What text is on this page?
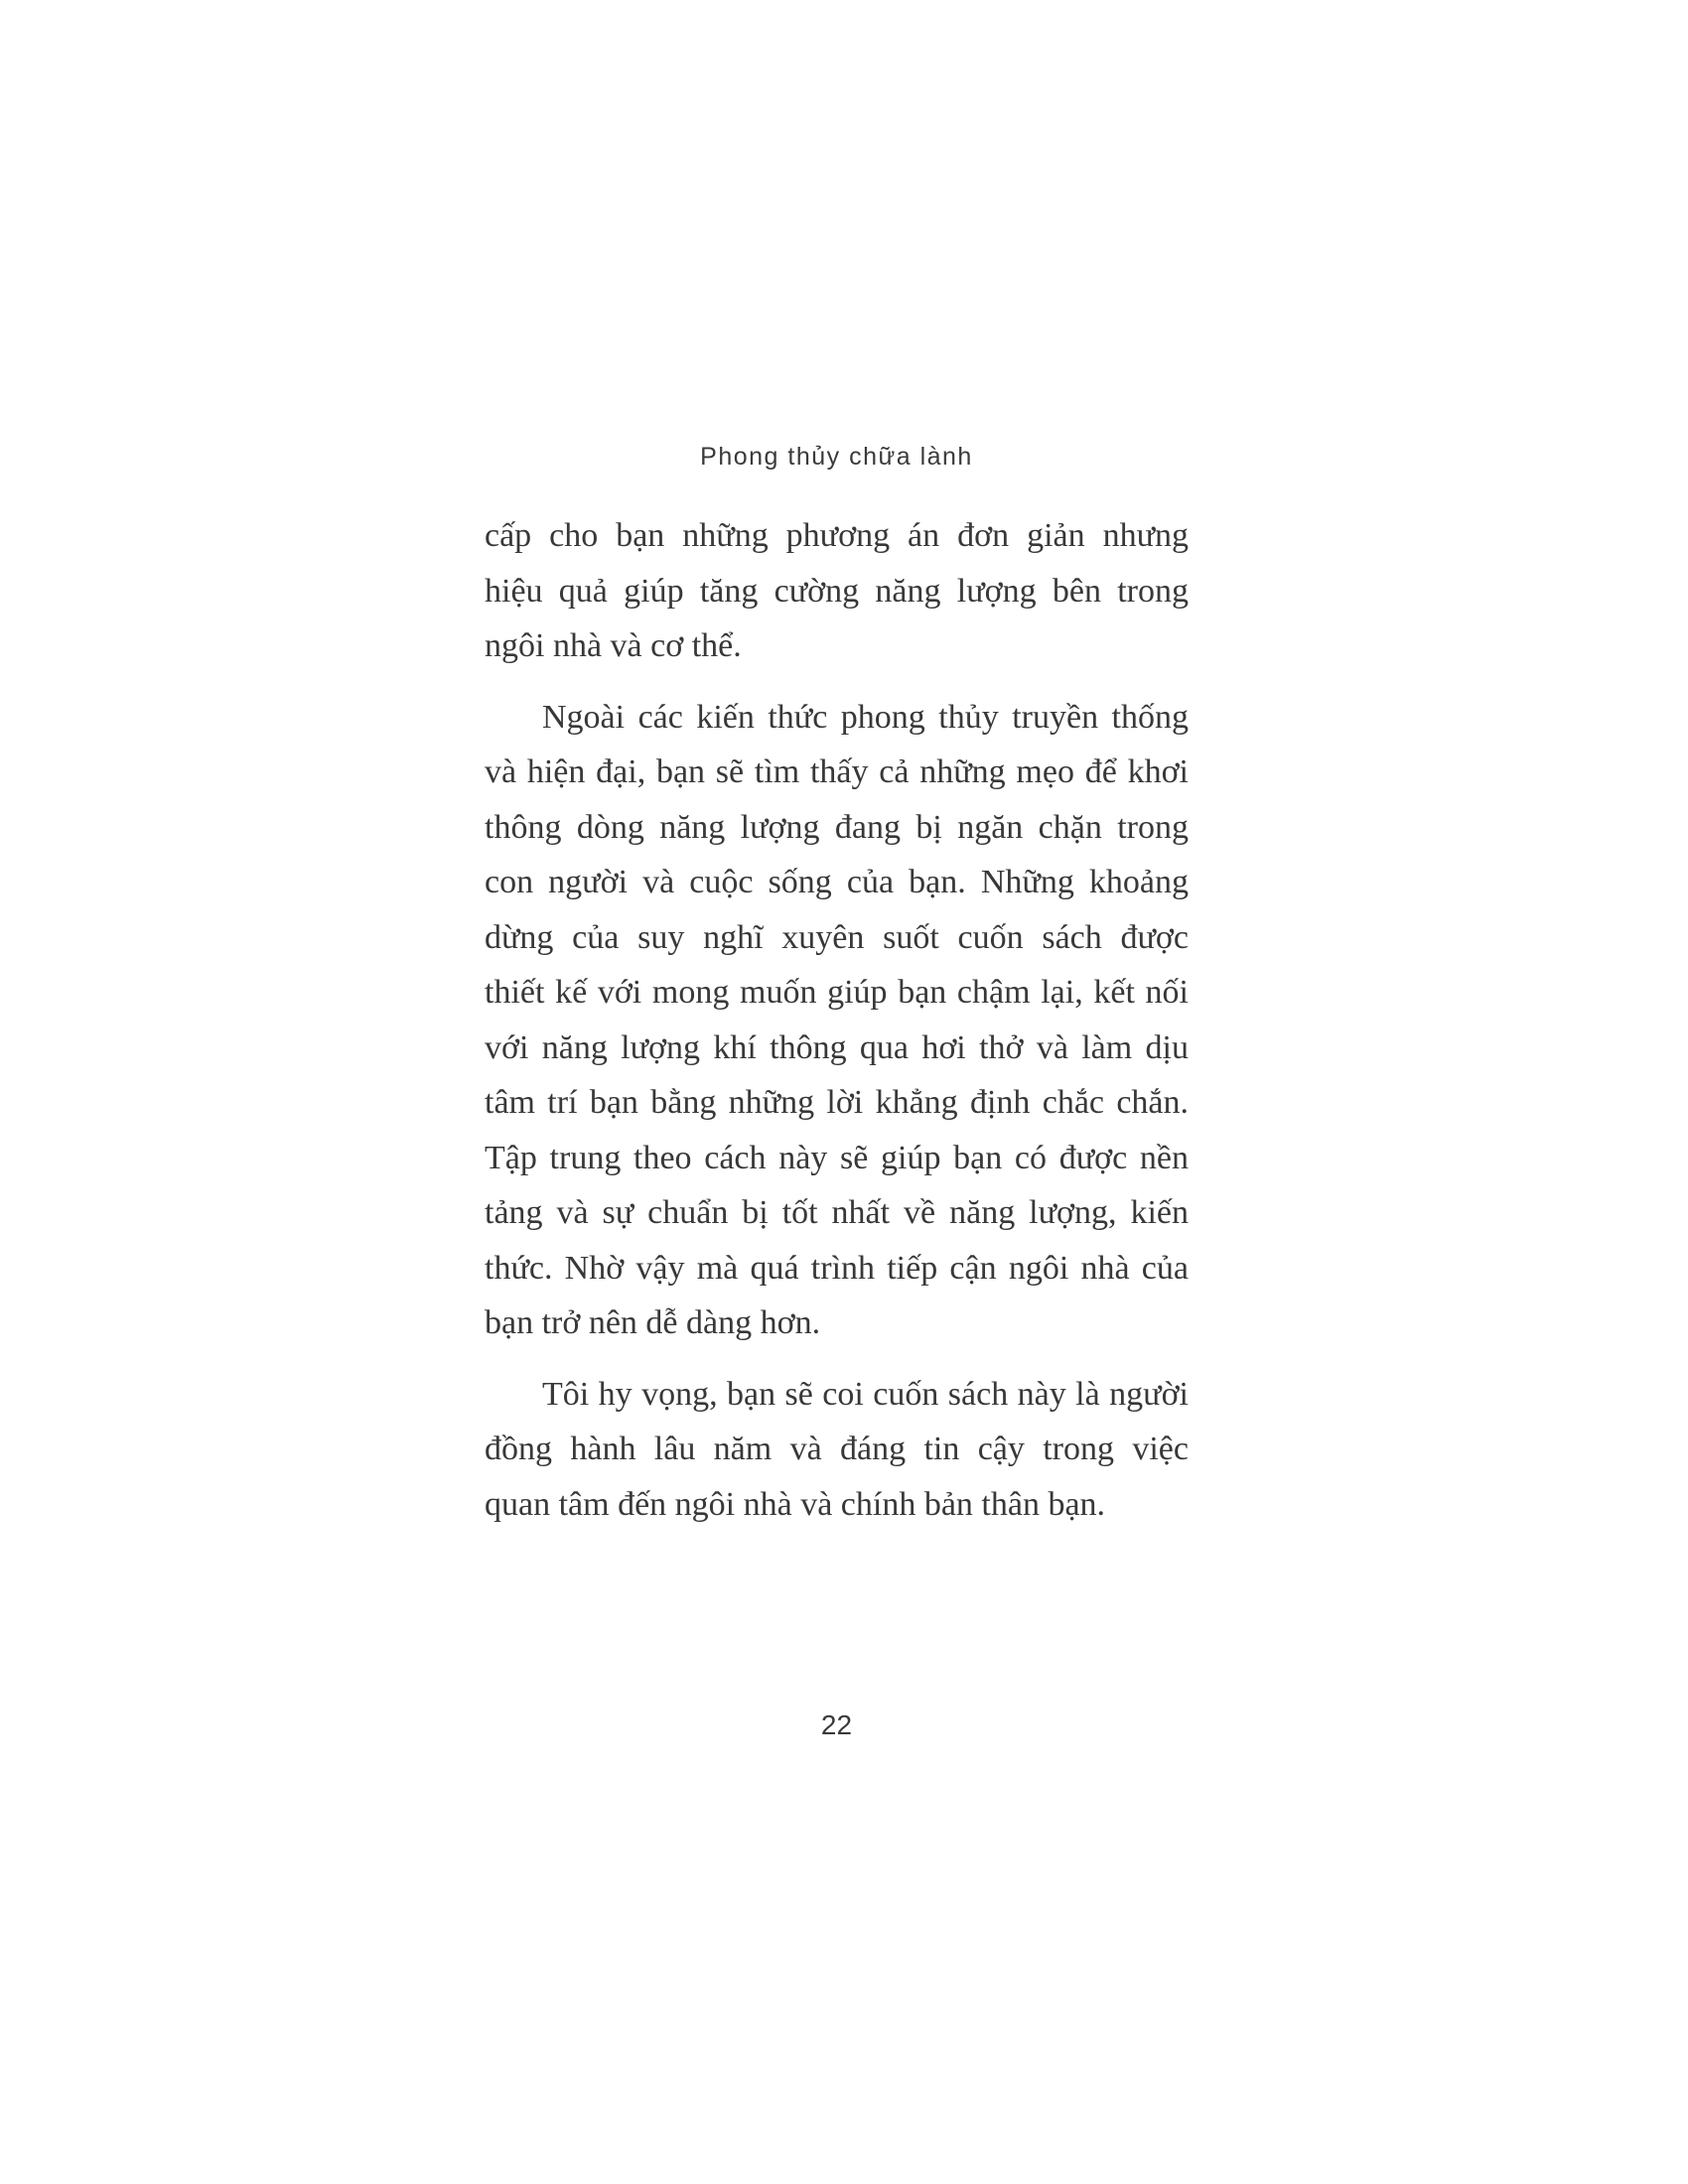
Phong thủy chữa lành
cấp cho bạn những phương án đơn giản nhưng
hiệu quả giúp tăng cường năng lượng bên trong
ngôi nhà và cơ thể.
Ngoài các kiến thức phong thủy truyền thống
và hiện đại, bạn sẽ tìm thấy cả những mẹo để khơi
thông dòng năng lượng đang bị ngăn chặn trong
con người và cuộc sống của bạn. Những khoảng
dừng của suy nghĩ xuyên suốt cuốn sách được
thiết kế với mong muốn giúp bạn chậm lại, kết nối
với năng lượng khí thông qua hơi thở và làm dịu
tâm trí bạn bằng những lời khẳng định chắc chắn.
Tập trung theo cách này sẽ giúp bạn có được nền
tảng và sự chuẩn bị tốt nhất về năng lượng, kiến
thức. Nhờ vậy mà quá trình tiếp cận ngôi nhà của
bạn trở nên dễ dàng hơn.
Tôi hy vọng, bạn sẽ coi cuốn sách này là người
đồng hành lâu năm và đáng tin cậy trong việc
quan tâm đến ngôi nhà và chính bản thân bạn.
22
